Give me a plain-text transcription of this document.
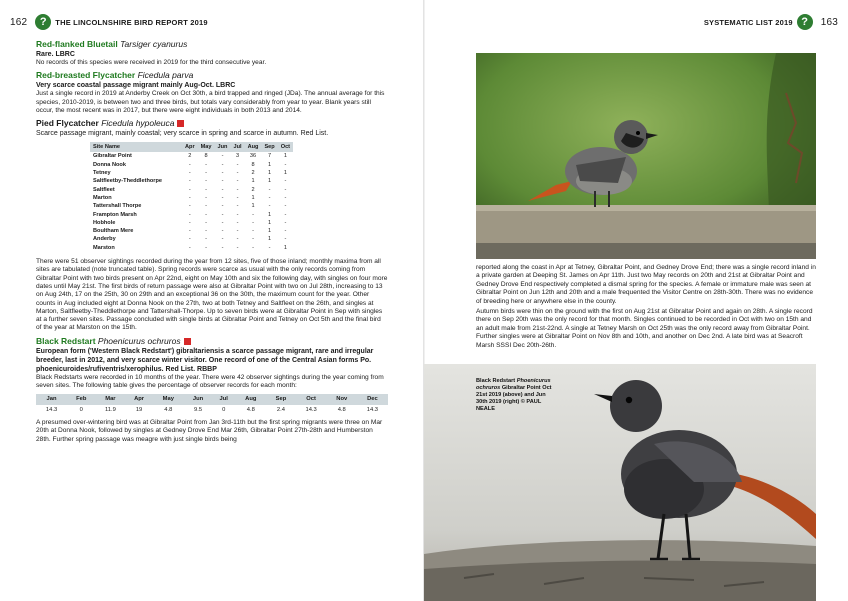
162	?	THE LINCOLNSHIRE BIRD REPORT 2019
Red-flanked Bluetail Tarsiger cyanurus
Rare. LBRC

No records of this species were received in 2019 for the third consecutive year.

Red-breasted Flycatcher Ficedula parva
Very scarce coastal passage migrant mainly Aug-Oct. LBRC

Just a single record in 2019 at Anderby Creek on Oct 30th, a bird trapped and ringed (JDa). The annual average for this species, 2010-2019, is between two and three birds, but totals vary considerably from year to year. Blank years still occur, the most recent was in 2017, but there were eight individuals in both 2013 and 2014.

Pied Flycatcher Ficedula hypoleuca
Scarce passage migrant, mainly coastal; very scarce in spring and scarce in autumn. Red List.
Site Name	Apr	May	Jun	Jul	Aug	Sep	Oct
Gibraltar Point	2	8	-	3	36	7	1
Donna Nook	-	-	-	-	8	1	-
Tetney	-	-	-	-	2	1	1
Saltfleetby-Theddlethorpe	-	-	-	-	1	1	-
Saltfleet	-	-	-	-	2	-	-
Marton	-	-	-	-	1	-	-
Tattershall Thorpe	-	-	-	-	1	-	-
Frampton Marsh	-	-	-	-	-	1	-
Hobhole	-	-	-	-	-	1	-
Boultham Mere	-	-	-	-	-	1	-
Anderby	-	-	-	-	-	1	-
Marston	-	-	-	-	-	-	1

There were 51 observer sightings recorded during the year from 12 sites, five of those inland; monthly maxima from all sites are tabulated (note truncated table). Spring records were scarce as usual with the only records coming from Gibraltar Point with two birds present on Apr 22nd, eight on May 10th and six the following day, with singles on four more dates until May 21st. The first birds of return passage were also at Gibraltar Point with two on Jul 28th, increasing to 13 on Aug 24th, 17 on the 25th, 30 on 29th and an exceptional 36 on the 30th, the maximum count for the year. Other counts in Aug included eight at Donna Nook on the 27th, two at both Tetney and Saltfleet on the 26th, and singles at Marton, Saltfleetby-Theddlethorpe and Tattershall-Thorpe. Up to seven birds were at Gibraltar Point in Sep with singles at a further seven sites. Passage concluded with single birds at Gibraltar Point and Tetney on Oct 5th and the final bird of the year at Marston on the 15th.

Black Redstart Phoenicurus ochruros
European form ('Western Black Redstart') gibraltariensis a scarce passage migrant, rare and irregular breeder, last in 2012, and very scarce winter visitor. One record of one of the Central Asian forms Po. phoenicuroides/rufiventris/xerophilus. Red List. RBBP

Black Redstarts were recorded in 10 months of the year. There were 42 observer sightings during the year coming from seven sites. The following table gives the percentage of observer records for each month:

Jan	Feb	Mar	Apr	May	Jun	Jul	Aug	Sep	Oct	Nov	Dec
14.3	0	11.9	19	4.8	9.5	0	4.8	2.4	14.3	4.8	14.3

A presumed over-wintering bird was at Gibraltar Point from Jan 3rd-11th but the first spring migrants were three on Mar 20th at Donna Nook, followed by singles at Gedney Drove End Mar 26th, Gibraltar Point 27th-28th and Humberston 28th. Further spring passage was meagre with just single birds being

SYSTEMATIC LIST 2019 ?	163

reported along the coast in Apr at Tetney, Gibraltar Point, and Gedney Drove End; there was a single record inland in a private garden at Deeping St. James on Apr 11th. Just two May records on 20th and 21st at Gibraltar Point and Gedney Drove End respectively completed a dismal spring for the species. A female or immature male was seen at Gibraltar Point on Jun 12th and 20th and a male frequented the Visitor Centre on 28th-30th. There was no evidence of breeding here or anywhere else in the county.

Autumn birds were thin on the ground with the first on Aug 21st at Gibraltar Point and again on 28th. A single record there on Sep 20th was the only record for that month. Singles continued to be recorded in Oct with two on 15th and an adult male from 21st-22nd. A single at Tetney Marsh on Oct 25th was the only record away from Gibraltar Point. Further singles were at Gibraltar Point on Nov 8th and 10th, and another on Dec 2nd. A late bird was at Seacroft Marsh SSSI Dec 20th-26th.

Black Redstart Phoenicurus ochruros Gibraltar Point Oct 21st 2019 (above) and Jun 30th 2019 (right) © PAUL NEALE
